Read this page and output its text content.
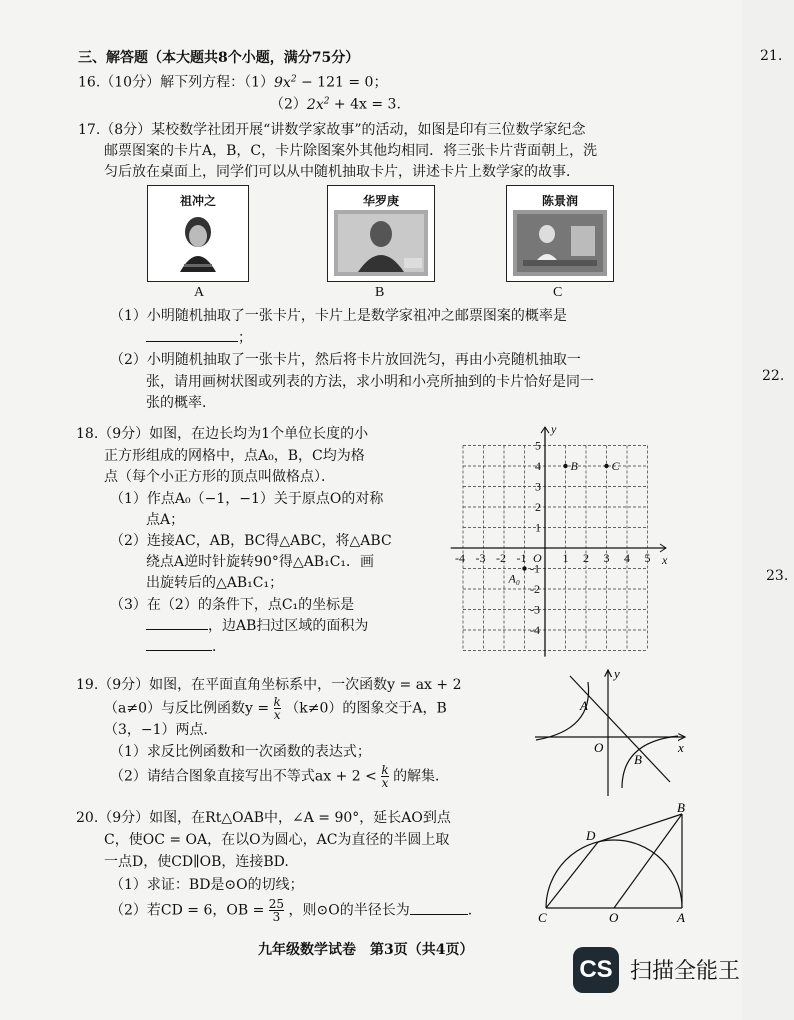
三、解答题（本大题共8个小题，满分75分）
16.（10分）解下列方程：$(1)9x^2 - 121 = 0$；
$(2)2x^2 + 4x = 3$.
17.（8分）某校数学社团开展“讲数学家故事”的活动，如图是印有三位数学家纪念
邮票图案的卡片A，B，C，卡片除图案外其他均相同．将三张卡片背面朝上，洗
匀后放在桌面上，同学们可以从中随机抽取卡片，讲述卡片上数学家的故事．
祖冲之
A
华罗庚
B
陈景润
C
（1）小明随机抽取了一张卡片，卡片上是数学家祖冲之邮票图案的概率是
；
（2）小明随机抽取了一张卡片，然后将卡片放回洗匀，再由小亮随机抽取一
张，请用画树状图或列表的方法，求小明和小亮所抽到的卡片恰好是同一
张的概率．
18.（9分）如图，在边长均为1个单位长度的小
正方形组成的网格中，点A₀，B，C均为格
点（每个小正方形的顶点叫做格点）．
（1）作点A₀（−1，−1）关于原点O的对称
点A；
（2）连接AC，AB，BC得△ABC，将△ABC
绕点A逆时针旋转90°得△AB₁C₁．画
出旋转后的△AB₁C₁；
（3）在（2）的条件下，点C₁的坐标是
，边AB扫过区域的面积为
．
-4 -3 -2 -1	1 2 3 4 5
5
4
3
2
1
-1
-2
-3
-4
O	x
y
B	C
A₀
19.（9分）如图，在平面直角坐标系中，一次函数y = ax + 2
（a≠0）与反比例函数$y = \frac{k}{x} (k\ne 0)$的图象交于A，B
（3，−1）两点．
（1）求反比例函数和一次函数的表达式；
（2）请结合图象直接写出不等式ax + $2 < \frac{k}{x}$ 的解集．
A
B
O	x
y
20.（9分）如图，在Rt△OAB中，∠A = 90°，延长AO到点
C，使OC = OA，在以O为圆心，AC为直径的半圆上取
一点D，使CD∥OB，连接BD.
（1）求证：BD是⊙O的切线；
（2）若CD = 6，OB = $\frac{25}{3}$ ，则⊙O的半径长为	.
B
D
C	O	A
21.
22.
23.
九年级数学试卷　第3页（共4页）
CS 扫描全能王
